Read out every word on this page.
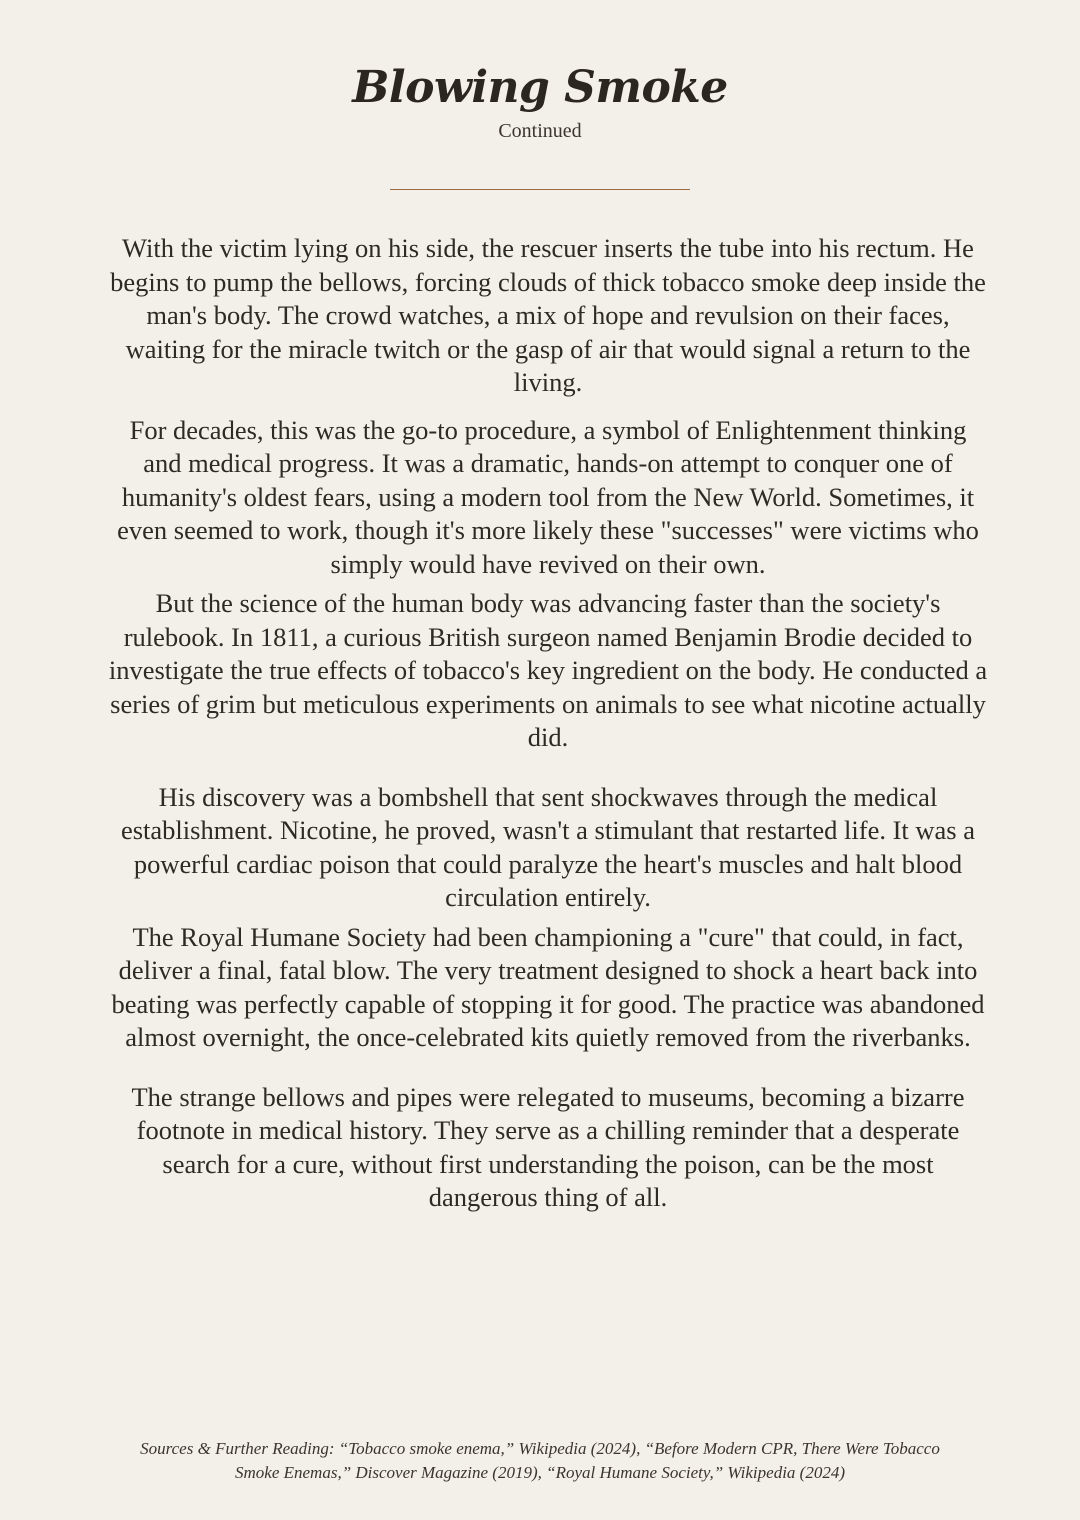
Blowing Smoke
Continued

With the victim lying on his side, the rescuer inserts the tube into his rectum. He begins to pump the bellows, forcing clouds of thick tobacco smoke deep inside the man's body. The crowd watches, a mix of hope and revulsion on their faces, waiting for the miracle twitch or the gasp of air that would signal a return to the living.

For decades, this was the go-to procedure, a symbol of Enlightenment thinking and medical progress. It was a dramatic, hands-on attempt to conquer one of humanity's oldest fears, using a modern tool from the New World. Sometimes, it even seemed to work, though it's more likely these "successes" were victims who simply would have revived on their own.

But the science of the human body was advancing faster than the society's rulebook. In 1811, a curious British surgeon named Benjamin Brodie decided to investigate the true effects of tobacco's key ingredient on the body. He conducted a series of grim but meticulous experiments on animals to see what nicotine actually did.

His discovery was a bombshell that sent shockwaves through the medical establishment. Nicotine, he proved, wasn't a stimulant that restarted life. It was a powerful cardiac poison that could paralyze the heart's muscles and halt blood circulation entirely.

The Royal Humane Society had been championing a "cure" that could, in fact, deliver a final, fatal blow. The very treatment designed to shock a heart back into beating was perfectly capable of stopping it for good. The practice was abandoned almost overnight, the once-celebrated kits quietly removed from the riverbanks.

The strange bellows and pipes were relegated to museums, becoming a bizarre footnote in medical history. They serve as a chilling reminder that a desperate search for a cure, without first understanding the poison, can be the most dangerous thing of all.

Sources & Further Reading: “Tobacco smoke enema,” Wikipedia (2024), “Before Modern CPR, There Were Tobacco Smoke Enemas,” Discover Magazine (2019), “Royal Humane Society,” Wikipedia (2024)
